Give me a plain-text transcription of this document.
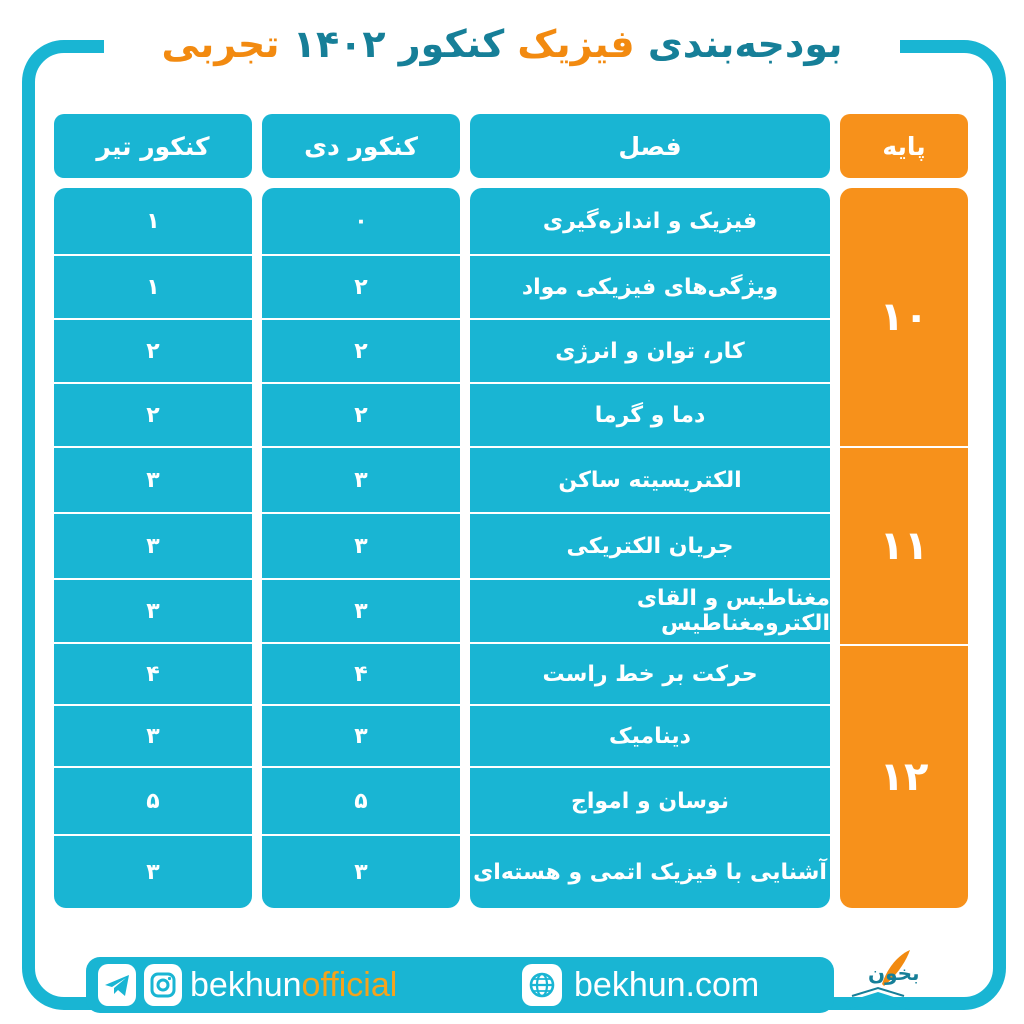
بودجه‌بندی فیزیک کنکور ۱۴۰۲ تجربی
پایه
فصل
کنکور دی
کنکور تیر
۱۰
۱۱
۱۲
فیزیک و اندازه‌گیری
ویژگی‌های فیزیکی مواد
کار، توان و انرژی
دما و گرما
الکتریسیته ساکن
جریان الکتریکی
مغناطیس و القای الکترومغناطیس
حرکت بر خط راست
دینامیک
نوسان و امواج
آشنایی با فیزیک اتمی و هسته‌ای
۰
۲
۲
۲
۳
۳
۳
۴
۳
۵
۳
۱
۱
۲
۲
۳
۳
۳
۴
۳
۵
۳
bekhunofficial	bekhun.com	بخون
